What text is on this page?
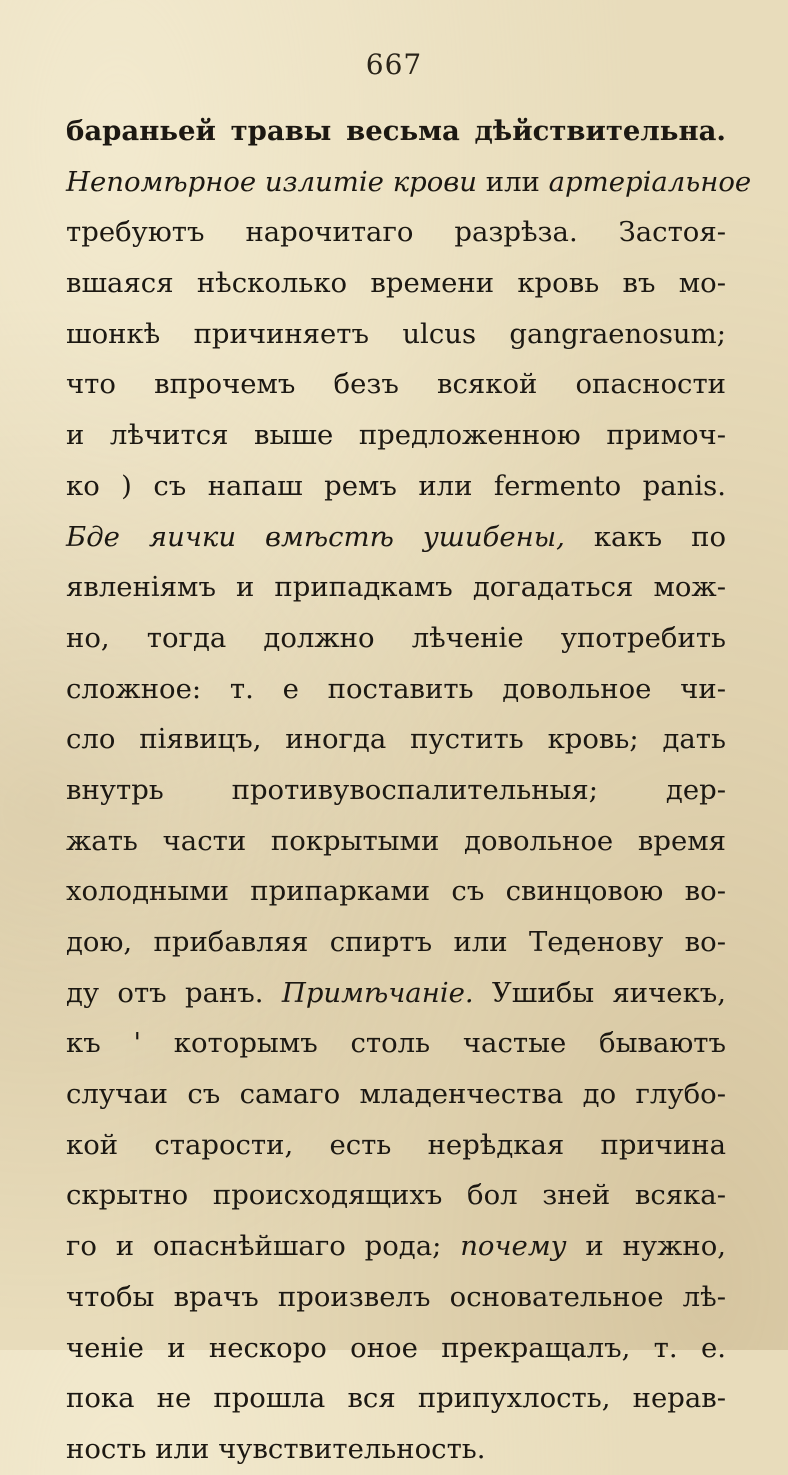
667
бараньей травы весьма дѣйствительна.
Непомѣрное излитіе крови или артеріальное
требуютъ нарочитаго разрѣза. Застоя-
вшаяся нѣсколько времени кровь въ мо-
шонкѣ причиняетъ ulcus gangraenosum;
что впрочемъ безъ всякой опасности
и лѣчится выше предложенною примоч-
ко ) съ напаш ремъ или fermento panis.
Бде яички вмѣстѣ ушибены, какъ по
явленіямъ и припадкамъ догадаться мож-
но, тогда должно лѣченіе употребить
сложное: т. е поставить довольное чи-
сло піявицъ, иногда пустить кровь; дать
внутрь противувоспалительныя; дер-
жать части покрытыми довольное время
холодными припарками съ свинцовою во-
дою, прибавляя спиртъ или Теденову во-
ду отъ ранъ. Примѣчаніе. Ушибы яичекъ,
къ ' которымъ столь частые бываютъ
случаи съ самаго младенчества до глубо-
кой старости, есть нерѣдкая причина
скрытно происходящихъ бол зней всяка-
го и опаснѣйшаго рода; почему и нужно,
чтобы врачъ произвелъ основательное лѣ-
ченіе и нескоро оное прекращалъ, т. е.
пока не прошла вся припухлость, нерав-
ность или чувствительность.
